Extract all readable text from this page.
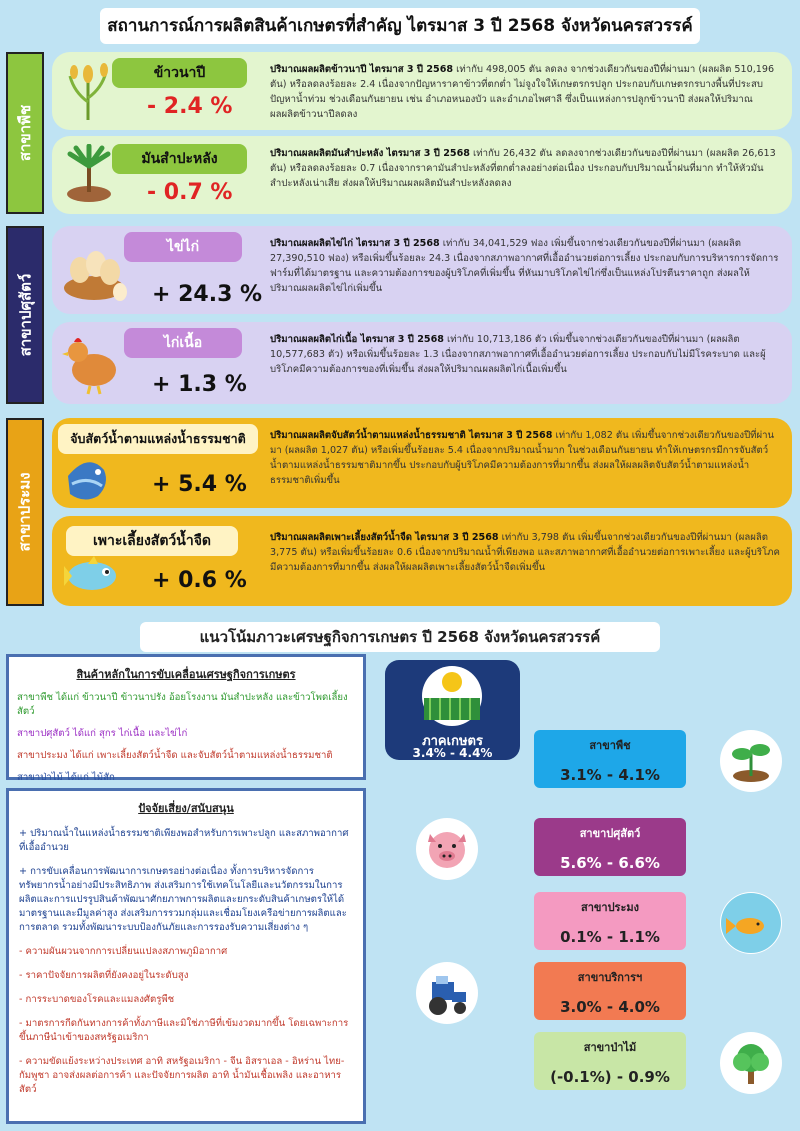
สถานการณ์การผลิตสินค้าเกษตรที่สำคัญ ไตรมาส 3 ปี 2568 จังหวัดนครสวรรค์
สาขาพืช
สาขาปศุสัตว์
สาขาประมง
ข้าวนาปี
- 2.4 %
ปริมาณผลผลิตข้าวนาปี ไตรมาส 3 ปี 2568 เท่ากับ 498,005 ตัน ลดลง จากช่วงเดียวกันของปีที่ผ่านมา (ผลผลิต 510,196 ตัน) หรือลดลงร้อยละ 2.4 เนื่องจากปัญหาราคาข้าวที่ตกต่ำ ไม่จูงใจให้เกษตรกรปลูก ประกอบกับเกษตรกรบางพื้นที่ประสบปัญหาน้ำท่วม ช่วงเดือนกันยายน เช่น อำเภอหนองบัว และอำเภอไพศาลี ซึ่งเป็นแหล่งการปลูกข้าวนาปี ส่งผลให้ปริมาณผลผลิตข้าวนาปีลดลง
มันสำปะหลัง
- 0.7 %
ปริมาณผลผลิตมันสำปะหลัง ไตรมาส 3 ปี 2568 เท่ากับ 26,432 ตัน ลดลงจากช่วงเดียวกันของปีที่ผ่านมา (ผลผลิต 26,613 ตัน) หรือลดลงร้อยละ 0.7 เนื่องจากราคามันสำปะหลังที่ตกต่ำลงอย่างต่อเนื่อง ประกอบกับปริมาณน้ำฝนที่มาก ทำให้หัวมันสำปะหลังเน่าเสีย ส่งผลให้ปริมาณผลผลิตมันสำปะหลังลดลง
ไข่ไก่
+ 24.3 %
ปริมาณผลผลิตไข่ไก่ ไตรมาส 3 ปี 2568 เท่ากับ 34,041,529 ฟอง เพิ่มขึ้นจากช่วงเดียวกันของปีที่ผ่านมา (ผลผลิต 27,390,510 ฟอง) หรือเพิ่มขึ้นร้อยละ 24.3 เนื่องจากสภาพอากาศที่เอื้ออำนวยต่อการเลี้ยง ประกอบกับการบริหารการจัดการฟาร์มที่ได้มาตรฐาน และความต้องการของผู้บริโภคที่เพิ่มขึ้น ที่หันมาบริโภคไข่ไก่ซึ่งเป็นแหล่งโปรตีนราคาถูก ส่งผลให้ปริมาณผลผลิตไข่ไก่เพิ่มขึ้น
ไก่เนื้อ
+ 1.3 %
ปริมาณผลผลิตไก่เนื้อ ไตรมาส 3 ปี 2568 เท่ากับ 10,713,186 ตัว เพิ่มขึ้นจากช่วงเดียวกันของปีที่ผ่านมา (ผลผลิต 10,577,683 ตัว) หรือเพิ่มขึ้นร้อยละ 1.3 เนื่องจากสภาพอากาศที่เอื้ออำนวยต่อการเลี้ยง ประกอบกับไม่มีโรคระบาด และผู้บริโภคมีความต้องการของที่เพิ่มขึ้น ส่งผลให้ปริมาณผลผลิตไก่เนื้อเพิ่มขึ้น
จับสัตว์น้ำตามแหล่งน้ำธรรมชาติ
+ 5.4 %
ปริมาณผลผลิตจับสัตว์น้ำตามแหล่งน้ำธรรมชาติ ไตรมาส 3 ปี 2568 เท่ากับ 1,082 ตัน เพิ่มขึ้นจากช่วงเดียวกันของปีที่ผ่านมา (ผลผลิต 1,027 ตัน) หรือเพิ่มขึ้นร้อยละ 5.4 เนื่องจากปริมาณน้ำมาก ในช่วงเดือนกันยายน ทำให้เกษตรกรมีการจับสัตว์น้ำตามแหล่งน้ำธรรมชาติมากขึ้น ประกอบกับผู้บริโภคมีความต้องการที่มากขึ้น ส่งผลให้ผลผลิตจับสัตว์น้ำตามแหล่งน้ำธรรมชาติเพิ่มขึ้น
เพาะเลี้ยงสัตว์น้ำจืด
+ 0.6 %
ปริมาณผลผลิตเพาะเลี้ยงสัตว์น้ำจืด ไตรมาส 3 ปี 2568 เท่ากับ 3,798 ตัน เพิ่มขึ้นจากช่วงเดียวกันของปีที่ผ่านมา (ผลผลิต 3,775 ตัน) หรือเพิ่มขึ้นร้อยละ 0.6 เนื่องจากปริมาณน้ำที่เพียงพอ และสภาพอากาศที่เอื้ออำนวยต่อการเพาะเลี้ยง และผู้บริโภคมีความต้องการที่มากขึ้น ส่งผลให้ผลผลิตเพาะเลี้ยงสัตว์น้ำจืดเพิ่มขึ้น
แนวโน้มภาวะเศรษฐกิจการเกษตร ปี 2568 จังหวัดนครสวรรค์
สินค้าหลักในการขับเคลื่อนเศรษฐกิจการเกษตร

สาขาพืช ได้แก่ ข้าวนาปี ข้าวนาปรัง อ้อยโรงงาน มันสำปะหลัง และข้าวโพดเลี้ยงสัตว์

สาขาปศุสัตว์ ได้แก่ สุกร ไก่เนื้อ และไข่ไก่

สาขาประมง ได้แก่ เพาะเลี้ยงสัตว์น้ำจืด และจับสัตว์น้ำตามแหล่งน้ำธรรมชาติ

สาขาป่าไม้ ได้แก่ ไม้สัก

ปัจจัยเสี่ยง/สนับสนุน

+ ปริมาณน้ำในแหล่งน้ำธรรมชาติเพียงพอสำหรับการเพาะปลูก และสภาพอากาศที่เอื้ออำนวย

+ การขับเคลื่อนการพัฒนาการเกษตรอย่างต่อเนื่อง ทั้งการบริหารจัดการทรัพยากรน้ำอย่างมีประสิทธิภาพ ส่งเสริมการใช้เทคโนโลยีและนวัตกรรมในการผลิตและการแปรรูปสินค้าพัฒนาศักยภาพการผลิตและยกระดับสินค้าเกษตรให้ได้มาตรฐานและมีมูลค่าสูง ส่งเสริมการรวมกลุ่มและเชื่อมโยงเครือข่ายการผลิตและการตลาด รวมทั้งพัฒนาระบบป้องกันภัยและการรองรับความเสี่ยงต่าง ๆ

- ความผันผวนจากการเปลี่ยนแปลงสภาพภูมิอากาศ

- ราคาปัจจัยการผลิตที่ยังคงอยู่ในระดับสูง

- การระบาดของโรคและแมลงศัตรูพืช

- มาตรการกีดกันทางการค้าทั้งภาษีและมิใช่ภาษีที่เข้มงวดมากขึ้น โดยเฉพาะการขึ้นภาษีนำเข้าของสหรัฐอเมริกา

- ความขัดแย้งระหว่างประเทศ อาทิ สหรัฐอเมริกา - จีน อิสราเอล - อิหร่าน ไทย-กัมพูชา อาจส่งผลต่อการค้า และปัจจัยการผลิต อาทิ น้ำมันเชื้อเพลิง และอาหารสัตว์

ภาคเกษตร
3.4% - 4.4%
สาขาพืช
3.1% - 4.1%
สาขาปศุสัตว์
5.6% - 6.6%
สาขาประมง
0.1% - 1.1%
สาขาบริการฯ
3.0% - 4.0%
สาขาป่าไม้
(-0.1%) - 0.9%
